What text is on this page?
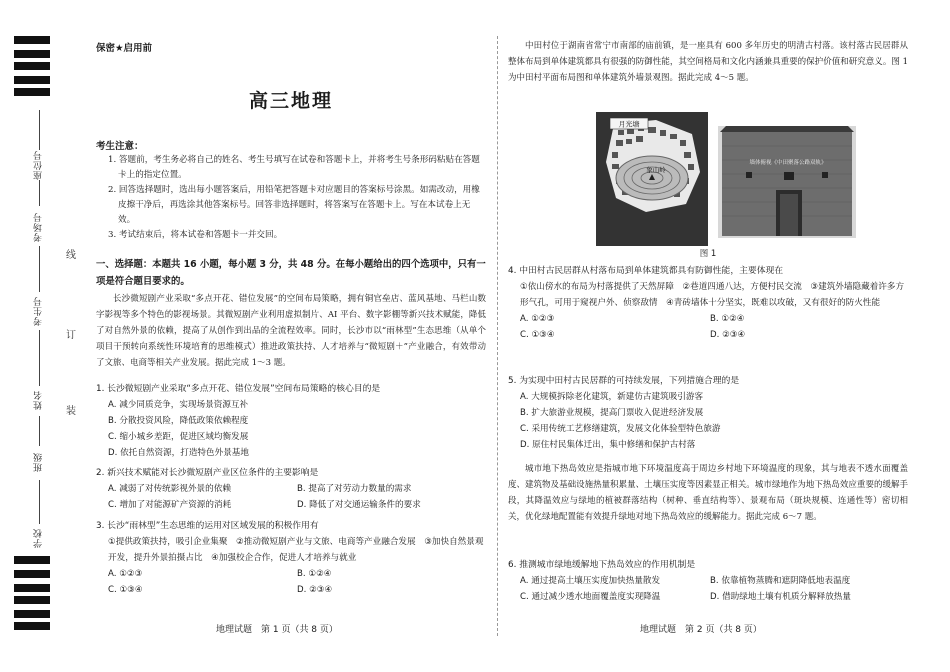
座位号
考场号
考生号
姓名
班级
学校
线
订
装
保密★启用前
高三地理
考生注意：

1. 答题前，考生务必将自己的姓名、考生号填写在试卷和答题卡上，并将考生号条形码粘贴在答题卡上的指定位置。

2. 回答选择题时，选出每小题答案后，用铅笔把答题卡对应题目的答案标号涂黑。如需改动，用橡皮擦干净后，再选涂其他答案标号。回答非选择题时，将答案写在答题卡上。写在本试卷上无效。

3. 考试结束后，将本试卷和答题卡一并交回。

一、选择题：本题共 16 小题，每小题 3 分，共 48 分。在每小题给出的四个选项中，只有一项是符合题目要求的。

长沙微短剧产业采取“多点开花、错位发展”的空间布局策略，拥有铜官垒店、蓝风基地、马栏山数字影视等多个特色的影视场景。其微短剧产业利用虚拟制片、AI 平台、数字影棚等新兴技术赋能，降低了对自然外景的依赖，提高了从创作到出品的全流程效率。同时，长沙市以“雨林型”生态思维（从单个项目干预转向系统性环境培育的思维模式）推进政策扶持、人才培养与“微短剧＋”产业融合，有效带动了文旅、电商等相关产业发展。据此完成 1～3 题。

1. 长沙微短剧产业采取“多点开花、错位发展”空间布局策略的核心目的是

A. 减少同质竞争，实现场景资源互补

B. 分散投资风险，降低政策依赖程度

C. 缩小城乡差距，促进区域均衡发展

D. 依托自然资源，打造特色外景基地

2. 新兴技术赋能对长沙微短剧产业区位条件的主要影响是

A. 减弱了对传统影视外景的依赖	B. 提高了对劳动力数量的需求
C. 增加了对能源矿产资源的消耗	D. 降低了对交通运输条件的要求

3. 长沙“雨林型”生态思维的运用对区域发展的积极作用有

①提供政策扶持，吸引企业集聚　②推动微短剧产业与文旅、电商等产业融合发展　③加快自然景观开发，提升外景拍摄占比　④加强校企合作，促进人才培养与就业

A. ①②③	B. ①②④
C. ①③④	D. ②③④
地理试题　第 1 页（共 8 页）

中田村位于湖南省常宁市南部的庙前镇，是一座具有 600 多年历史的明清古村落。该村落古民居群从整体布局到单体建筑都具有很强的防御性能，其空间格局和文化内涵兼具重要的保护价值和研究意义。图 1 为中田村平面布局图和单体建筑外墙景观图。据此完成 4～5 题。

月光塘
象山岭
墙体俯视《中田聚落公路双轨》
图 1

4. 中田村古民居群从村落布局到单体建筑都具有防御性能，主要体现在

①依山傍水的布局为村落提供了天然屏障　②巷道四通八达，方便村民交流　③建筑外墙隐藏着许多方形气孔，可用于窥视户外、侦察敌情　④青砖墙体十分坚实，既难以攻破，又有很好的防火性能

A. ①②③	B. ①②④
C. ①③④	D. ②③④

5. 为实现中田村古民居群的可持续发展，下列措施合理的是

A. 大规模拆除老化建筑，新建仿古建筑吸引游客

B. 扩大旅游业规模，提高门票收入促进经济发展

C. 采用传统工艺修缮建筑，发展文化体验型特色旅游

D. 原住村民集体迁出，集中修缮和保护古村落

城市地下热岛效应是指城市地下环境温度高于周边乡村地下环境温度的现象，其与地表不透水面覆盖度、建筑物及基础设施热量积累量、土壤压实度等因素显正相关。城市绿地作为地下热岛效应重要的缓解手段，其降温效应与绿地的植被群落结构（树种、垂直结构等）、景观布局（斑块规模、连通性等）密切相关，优化绿地配置能有效提升绿地对地下热岛效应的缓解能力。据此完成 6～7 题。

6. 推测城市绿地缓解地下热岛效应的作用机制是

A. 通过提高土壤压实度加快热量散发	B. 依靠植物蒸腾和遮阴降低地表温度
C. 通过减少透水地面覆盖度实现降温	D. 借助绿地土壤有机质分解释放热量
地理试题　第 2 页（共 8 页）
